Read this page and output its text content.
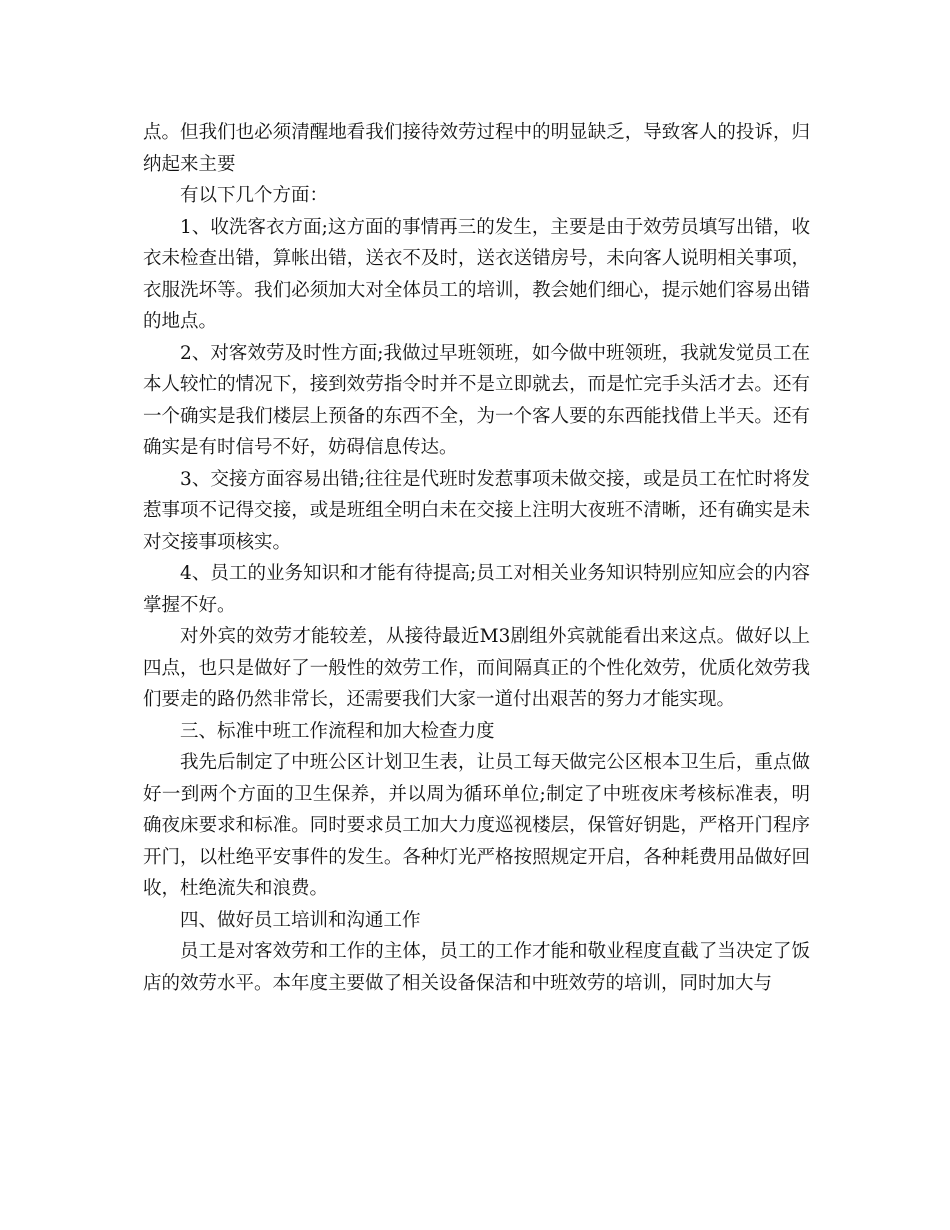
点。但我们也必须清醒地看我们接待效劳过程中的明显缺乏，导致客人的投诉，归纳起来主要

有以下几个方面：

1、收洗客衣方面;这方面的事情再三的发生，主要是由于效劳员填写出错，收衣未检查出错，算帐出错，送衣不及时，送衣送错房号，未向客人说明相关事项，衣服洗坏等。我们必须加大对全体员工的培训，教会她们细心，提示她们容易出错的地点。

2、对客效劳及时性方面;我做过早班领班，如今做中班领班，我就发觉员工在本人较忙的情况下，接到效劳指令时并不是立即就去，而是忙完手头活才去。还有一个确实是我们楼层上预备的东西不全，为一个客人要的东西能找借上半天。还有确实是有时信号不好，妨碍信息传达。

3、交接方面容易出错;往往是代班时发惹事项未做交接，或是员工在忙时将发惹事项不记得交接，或是班组全明白未在交接上注明大夜班不清晰，还有确实是未对交接事项核实。

4、员工的业务知识和才能有待提高;员工对相关业务知识特别应知应会的内容掌握不好。

对外宾的效劳才能较差，从接待最近M3剧组外宾就能看出来这点。做好以上四点，也只是做好了一般性的效劳工作，而间隔真正的个性化效劳，优质化效劳我们要走的路仍然非常长，还需要我们大家一道付出艰苦的努力才能实现。

三、标准中班工作流程和加大检查力度

我先后制定了中班公区计划卫生表，让员工每天做完公区根本卫生后，重点做好一到两个方面的卫生保养，并以周为循环单位;制定了中班夜床考核标准表，明确夜床要求和标准。同时要求员工加大力度巡视楼层，保管好钥匙，严格开门程序开门，以杜绝平安事件的发生。各种灯光严格按照规定开启，各种耗费用品做好回收，杜绝流失和浪费。

四、做好员工培训和沟通工作

员工是对客效劳和工作的主体，员工的工作才能和敬业程度直截了当决定了饭店的效劳水平。本年度主要做了相关设备保洁和中班效劳的培训，同时加大与
